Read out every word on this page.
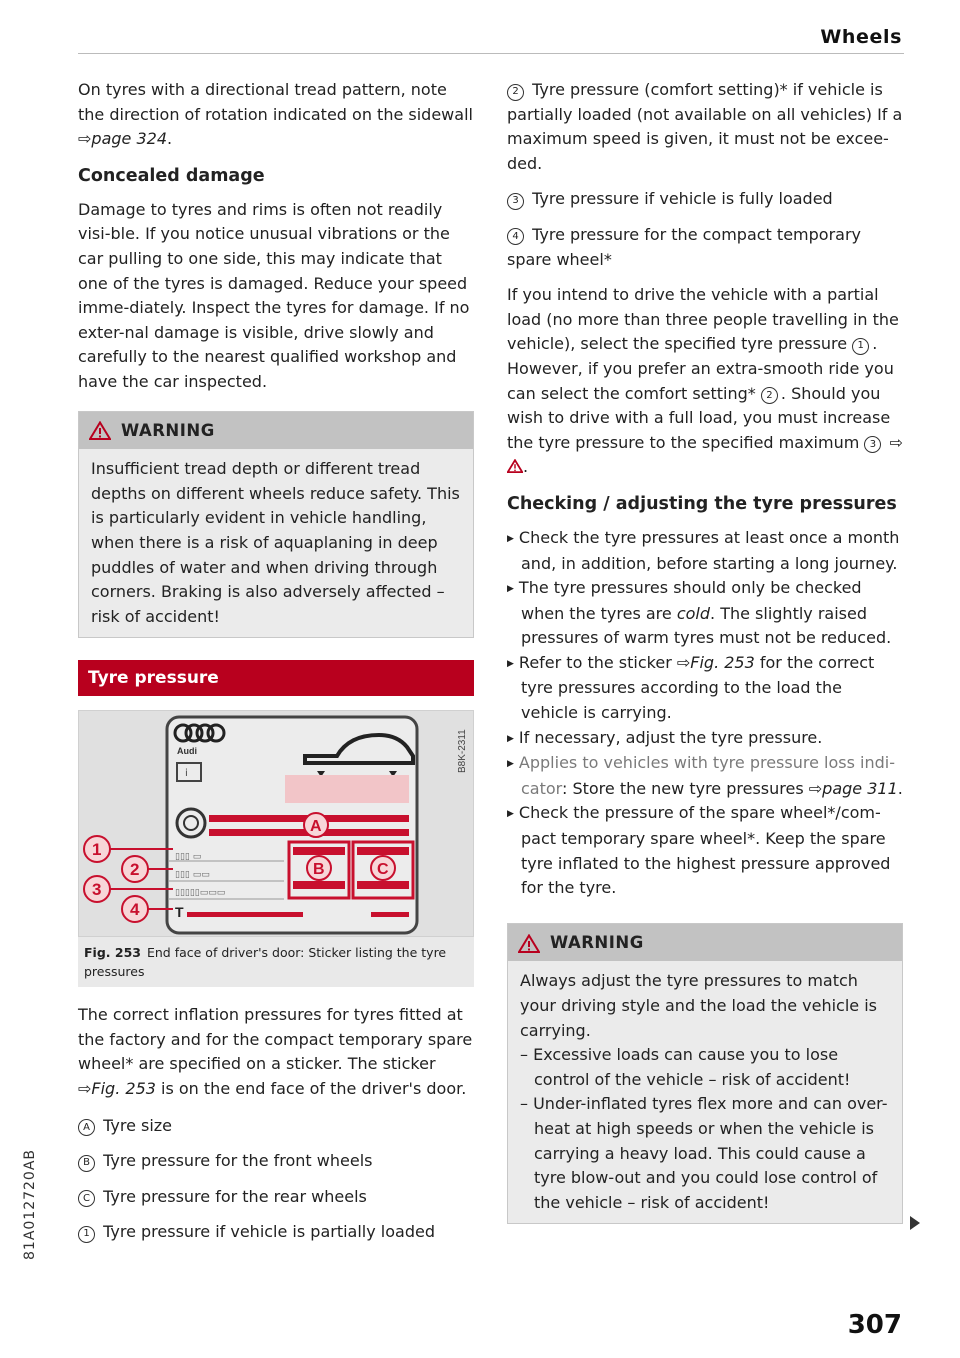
Wheels

On tyres with a directional tread pattern, note the direction of rotation indicated on the sidewall ⇨page 324.

Concealed damage

Damage to tyres and rims is often not readily visi-ble. If you notice unusual vibrations or the car pulling to one side, this may indicate that one of the tyres is damaged. Reduce your speed imme-diately. Inspect the tyres for damage. If no exter-nal damage is visible, drive slowly and carefully to the nearest qualified workshop and have the car inspected.

WARNING
Insufficient tread depth or different tread depths on different wheels reduce safety. This is particularly evident in vehicle handling, when there is a risk of aquaplaning in deep puddles of water and when driving through corners. Braking is also adversely affected – risk of accident!
Tyre pressure
Audi
i
A
B	C
▯▯▯ ▭
▯▯▯ ▭▭
▯▯▯▯▯▭▭▭
T
1
2
3
4
B8K-2311
Fig. 253 End face of driver's door: Sticker listing the tyre pressures

The correct inflation pressures for tyres fitted at the factory and for the compact temporary spare wheel* are specified on a sticker. The sticker ⇨Fig. 253 is on the end face of the driver's door.

A Tyre size
B Tyre pressure for the front wheels
C Tyre pressure for the rear wheels
1 Tyre pressure if vehicle is partially loaded
2 Tyre pressure (comfort setting)* if vehicle is partially loaded (not available on all vehicles) If a maximum speed is given, it must not be excee-ded.
3 Tyre pressure if vehicle is fully loaded
4 Tyre pressure for the compact temporary spare wheel*

If you intend to drive the vehicle with a partial load (no more than three people travelling in the vehicle), select the specified tyre pressure 1 . However, if you prefer an extra-smooth ride you can select the comfort setting* 2 . Should you wish to drive with a full load, you must increase the tyre pressure to the specified maximum 3 ⇨.

Checking / adjusting the tyre pressures
▶ Check the tyre pressures at least once a month and, in addition, before starting a long journey.
▶ The tyre pressures should only be checked when the tyres are cold. The slightly raised pressures of warm tyres must not be reduced.
▶ Refer to the sticker ⇨Fig. 253 for the correct tyre pressures according to the load the vehicle is carrying.
▶ If necessary, adjust the tyre pressure.
▶ Applies to vehicles with tyre pressure loss indi-cator: Store the new tyre pressures ⇨page 311.
▶ Check the pressure of the spare wheel*/com-pact temporary spare wheel*. Keep the spare tyre inflated to the highest pressure approved for the tyre.
WARNING
Always adjust the tyre pressures to match your driving style and the load the vehicle is carrying.
– Excessive loads can cause you to lose control of the vehicle – risk of accident!
– Under-inflated tyres flex more and can over-heat at high speeds or when the vehicle is carrying a heavy load. This could cause a tyre blow-out and you could lose control of the vehicle – risk of accident!
81A012720AB
307
